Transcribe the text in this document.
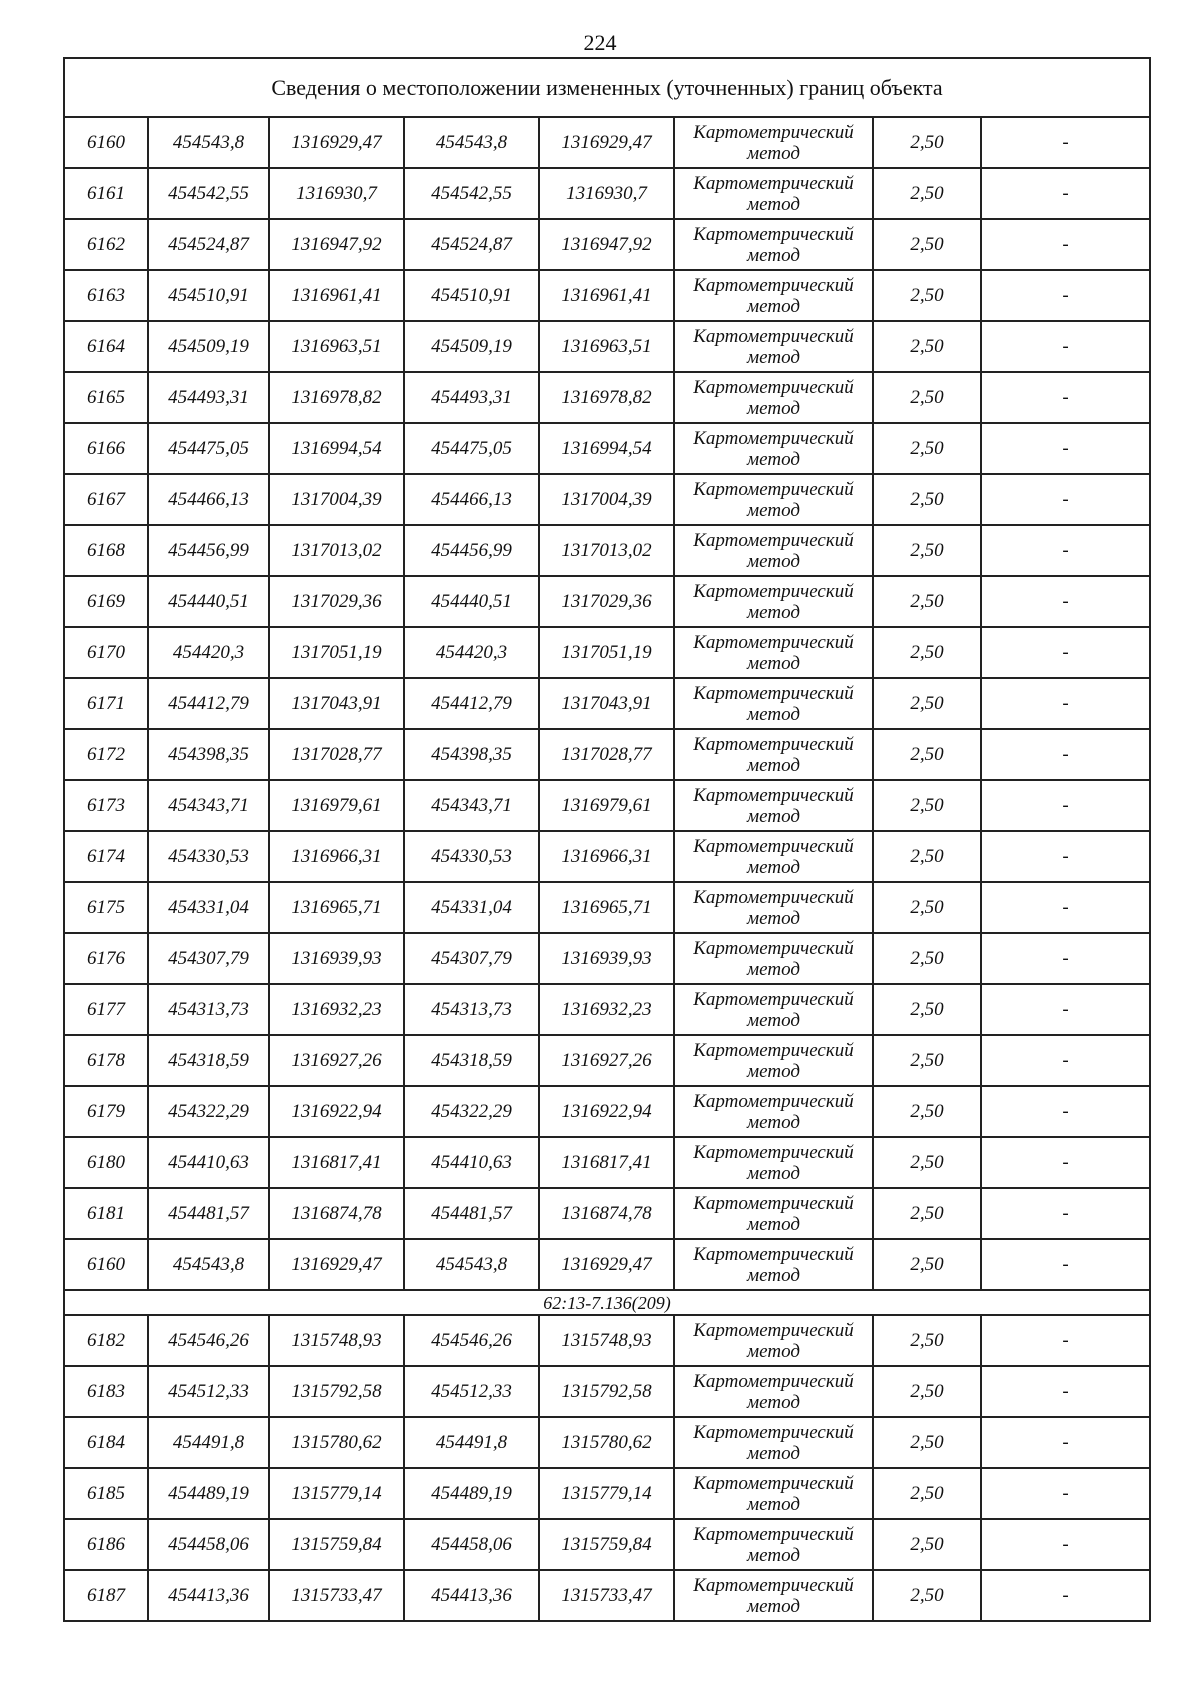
224
Сведения о местоположении измененных (уточненных) границ объекта							
6160	454543,8	1316929,47	454543,8	1316929,47	Картометрический метод	2,50	-
6161	454542,55	1316930,7	454542,55	1316930,7	Картометрический метод	2,50	-
6162	454524,87	1316947,92	454524,87	1316947,92	Картометрический метод	2,50	-
6163	454510,91	1316961,41	454510,91	1316961,41	Картометрический метод	2,50	-
6164	454509,19	1316963,51	454509,19	1316963,51	Картометрический метод	2,50	-
6165	454493,31	1316978,82	454493,31	1316978,82	Картометрический метод	2,50	-
6166	454475,05	1316994,54	454475,05	1316994,54	Картометрический метод	2,50	-
6167	454466,13	1317004,39	454466,13	1317004,39	Картометрический метод	2,50	-
6168	454456,99	1317013,02	454456,99	1317013,02	Картометрический метод	2,50	-
6169	454440,51	1317029,36	454440,51	1317029,36	Картометрический метод	2,50	-
6170	454420,3	1317051,19	454420,3	1317051,19	Картометрический метод	2,50	-
6171	454412,79	1317043,91	454412,79	1317043,91	Картометрический метод	2,50	-
6172	454398,35	1317028,77	454398,35	1317028,77	Картометрический метод	2,50	-
6173	454343,71	1316979,61	454343,71	1316979,61	Картометрический метод	2,50	-
6174	454330,53	1316966,31	454330,53	1316966,31	Картометрический метод	2,50	-
6175	454331,04	1316965,71	454331,04	1316965,71	Картометрический метод	2,50	-
6176	454307,79	1316939,93	454307,79	1316939,93	Картометрический метод	2,50	-
6177	454313,73	1316932,23	454313,73	1316932,23	Картометрический метод	2,50	-
6178	454318,59	1316927,26	454318,59	1316927,26	Картометрический метод	2,50	-
6179	454322,29	1316922,94	454322,29	1316922,94	Картометрический метод	2,50	-
6180	454410,63	1316817,41	454410,63	1316817,41	Картометрический метод	2,50	-
6181	454481,57	1316874,78	454481,57	1316874,78	Картометрический метод	2,50	-
6160	454543,8	1316929,47	454543,8	1316929,47	Картометрический метод	2,50	-
62:13-7.136(209)							
6182	454546,26	1315748,93	454546,26	1315748,93	Картометрический метод	2,50	-
6183	454512,33	1315792,58	454512,33	1315792,58	Картометрический метод	2,50	-
6184	454491,8	1315780,62	454491,8	1315780,62	Картометрический метод	2,50	-
6185	454489,19	1315779,14	454489,19	1315779,14	Картометрический метод	2,50	-
6186	454458,06	1315759,84	454458,06	1315759,84	Картометрический метод	2,50	-
6187	454413,36	1315733,47	454413,36	1315733,47	Картометрический метод	2,50	-
